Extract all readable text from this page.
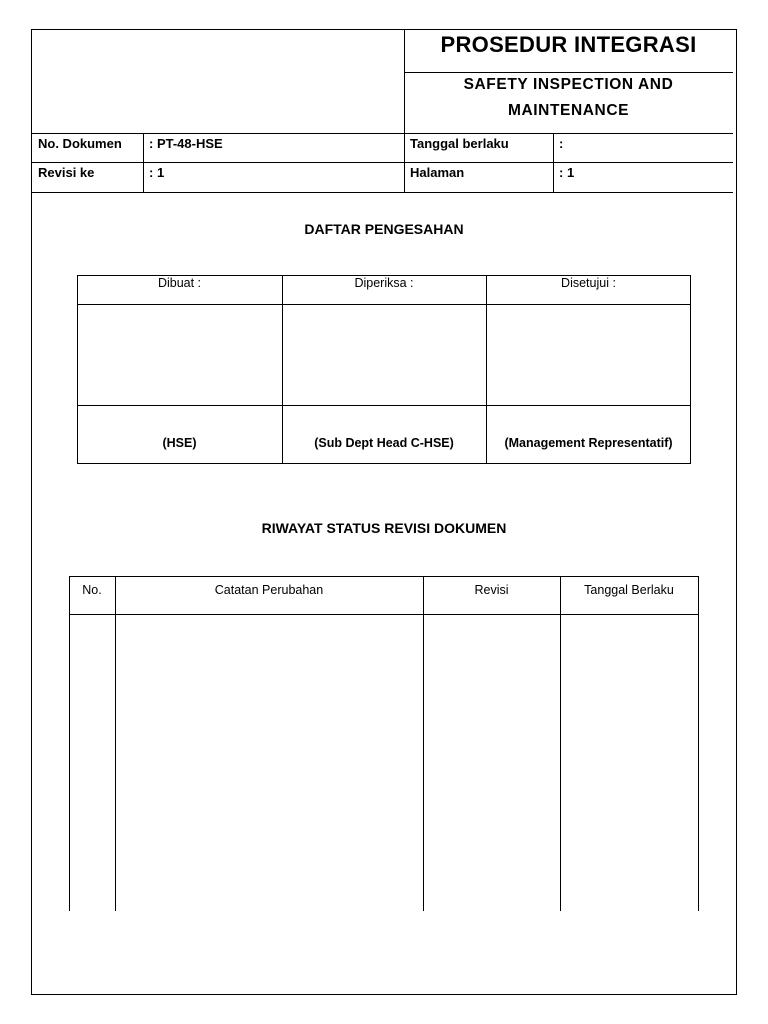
PROSEDUR INTEGRASI
SAFETY INSPECTION AND
MAINTENANCE
No. Dokumen : PT-48-HSE	Tanggal berlaku	:
Revisi ke	: 1	Halaman	: 1
DAFTAR PENGESAHAN
Dibuat :	Diperiksa :	Disetujui :
(HSE)	(Sub Dept Head C-HSE)	(Management Representatif)
RIWAYAT STATUS REVISI DOKUMEN
No.	Catatan Perubahan	Revisi	Tanggal Berlaku
